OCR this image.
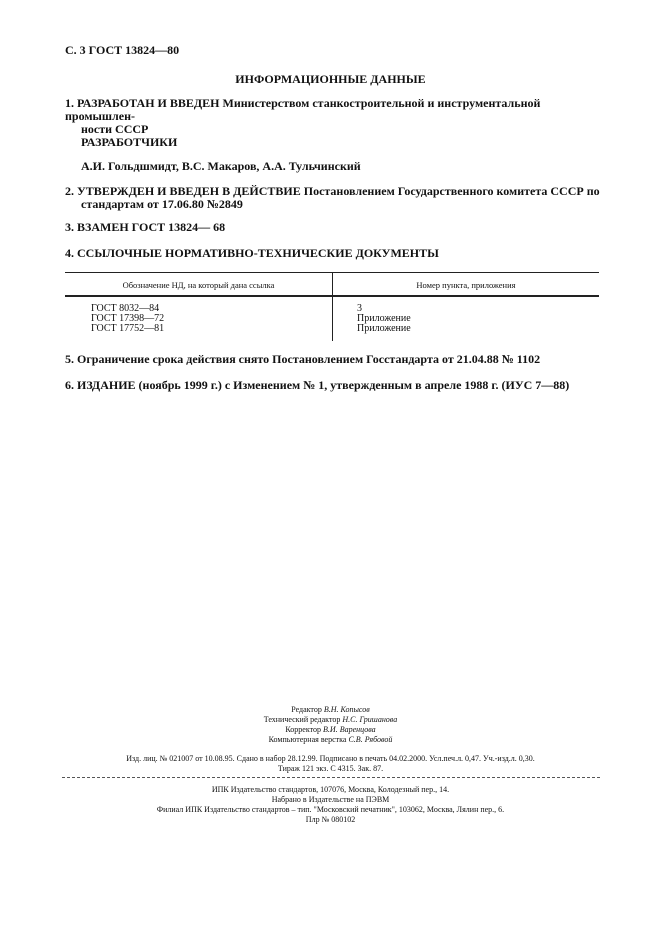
С. 3 ГОСТ 13824—80
ИНФОРМАЦИОННЫЕ ДАННЫЕ
1. РАЗРАБОТАН И ВВЕДЕН Министерством станкостроительной и инструментальной промышлен-
ности СССР
РАЗРАБОТЧИКИ
А.И. Гольдшмидт, В.С. Макаров, А.А. Тульчинский
2. УТВЕРЖДЕН И ВВЕДЕН В ДЕЙСТВИЕ Постановлением Государственного комитета СССР по
стандартам от 17.06.80 №2849
3. ВЗАМЕН ГОСТ 13824— 68
4. ССЫЛОЧНЫЕ НОРМАТИВНО-ТЕХНИЧЕСКИЕ ДОКУМЕНТЫ
Обозначение НД, на который дана ссылка	Номер пункта, приложения
ГОСТ 8032—84
ГОСТ 17398—72
ГОСТ 17752—81
3
Приложение
Приложение
5. Ограничение срока действия снято Постановлением Госстандарта от 21.04.88 № 1102
6. ИЗДАНИЕ (ноябрь 1999 г.) с Изменением № 1, утвержденным в апреле 1988 г. (ИУС 7—88)
Редактор В.Н. Копысов
Технический редактор Н.С. Гришанова
Корректор В.И. Варенцова
Компьютерная верстка С.В. Рябовой
Изд. лиц. № 021007 от 10.08.95. Сдано в набор 28.12.99. Подписано в печать 04.02.2000. Усл.печ.л. 0,47. Уч.-изд.л. 0,30.
Тираж 121 экз. С 4315. Зак. 87.
ИПК Издательство стандартов, 107076, Москва, Колодезный пер., 14.
Набрано в Издательстве на ПЭВМ
Филиал ИПК Издательство стандартов – тип. "Московский печатник", 103062, Москва, Лялин пер., 6.
Плр № 080102
